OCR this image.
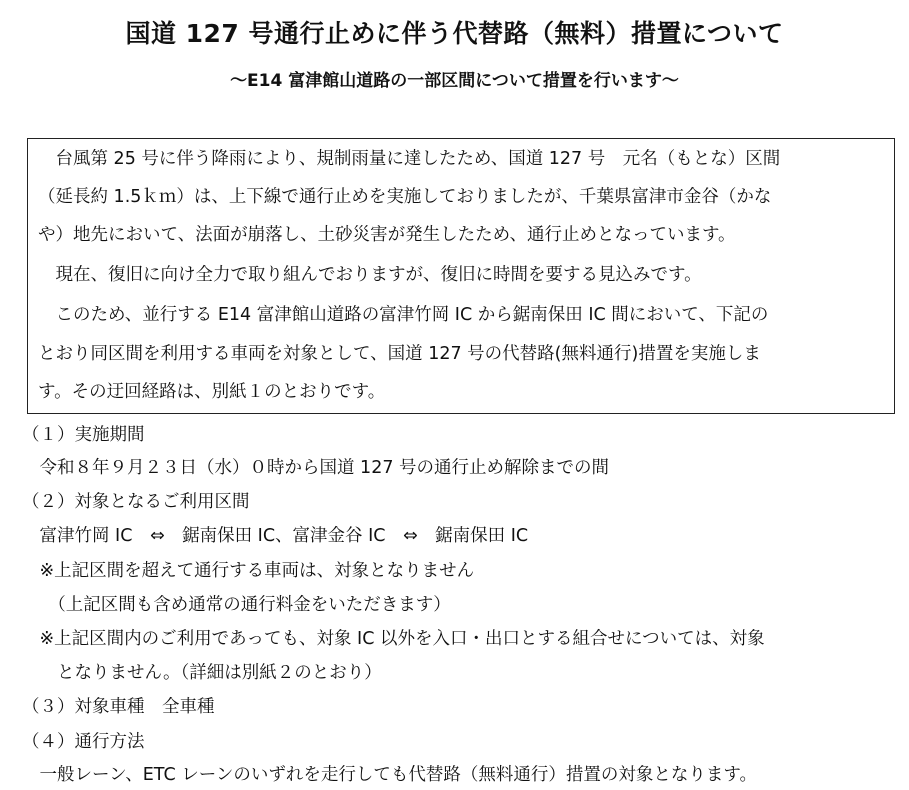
国道 127 号通行止めに伴う代替路（無料）措置について
〜E14 富津館山道路の一部区間について措置を行います〜
　台風第 25 号に伴う降雨により、規制雨量に達したため、国道 127 号　元名（もとな）区間
（延長約 1.5ｋｍ）は、上下線で通行止めを実施しておりましたが、千葉県富津市金谷（かな
や）地先において、法面が崩落し、土砂災害が発生したため、通行止めとなっています。
　現在、復旧に向け全力で取り組んでおりますが、復旧に時間を要する見込みです。
　このため、並行する E14 富津館山道路の富津竹岡 IC から鋸南保田 IC 間において、下記の
とおり同区間を利用する車両を対象として、国道 127 号の代替路(無料通行)措置を実施しま
す。その迂回経路は、別紙１のとおりです。
（１）実施期間
　令和８年９月２３日（水）０時から国道 127 号の通行止め解除までの間
（２）対象となるご利用区間
　富津竹岡 IC　⇔　鋸南保田 IC、富津金谷 IC　⇔　鋸南保田 IC
　※上記区間を超えて通行する車両は、対象となりません
　　（上記区間も含め通常の通行料金をいただきます）
　※上記区間内のご利用であっても、対象 IC 以外を入口・出口とする組合せについては、対象
　　となりません。（詳細は別紙２のとおり）
（３）対象車種　全車種
（４）通行方法
　一般レーン、ETC レーンのいずれを走行しても代替路（無料通行）措置の対象となります。
